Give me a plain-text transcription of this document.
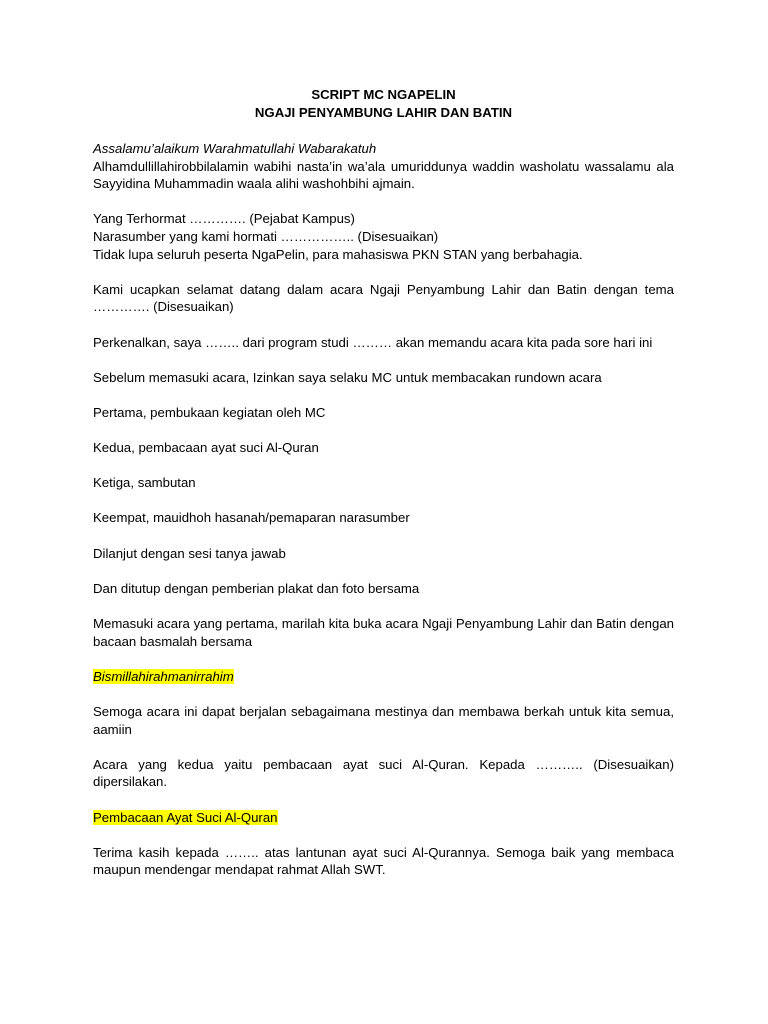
SCRIPT MC NGAPELIN
NGAJI PENYAMBUNG LAHIR DAN BATIN

Assalamu’alaikum Warahmatullahi Wabarakatuh

Alhamdullillahirobbilalamin wabihi nasta’in wa’ala umuriddunya waddin washolatu wassalamu ala Sayyidina Muhammadin waala alihi washohbihi ajmain.

Yang Terhormat …………. (Pejabat Kampus)
Narasumber yang kami hormati …………….. (Disesuaikan)
Tidak lupa seluruh peserta NgaPelin, para mahasiswa PKN STAN yang berbahagia.

Kami ucapkan selamat datang dalam acara Ngaji Penyambung Lahir dan Batin dengan tema …………. (Disesuaikan)

Perkenalkan, saya …….. dari program studi ……… akan memandu acara kita pada sore hari ini

Sebelum memasuki acara, Izinkan saya selaku MC untuk membacakan rundown acara

Pertama, pembukaan kegiatan oleh MC

Kedua, pembacaan ayat suci Al-Quran

Ketiga, sambutan

Keempat, mauidhoh hasanah/pemaparan narasumber

Dilanjut dengan sesi tanya jawab

Dan ditutup dengan pemberian plakat dan foto bersama

Memasuki acara yang pertama, marilah kita buka acara Ngaji Penyambung Lahir dan Batin dengan bacaan basmalah bersama

Bismillahirahmanirrahim

Semoga acara ini dapat berjalan sebagaimana mestinya dan membawa berkah untuk kita semua, aamiin

Acara yang kedua yaitu pembacaan ayat suci Al-Quran. Kepada ……….. (Disesuaikan) dipersilakan.

Pembacaan Ayat Suci Al-Quran

Terima kasih kepada …….. atas lantunan ayat suci Al-Qurannya. Semoga baik yang membaca maupun mendengar mendapat rahmat Allah SWT.
